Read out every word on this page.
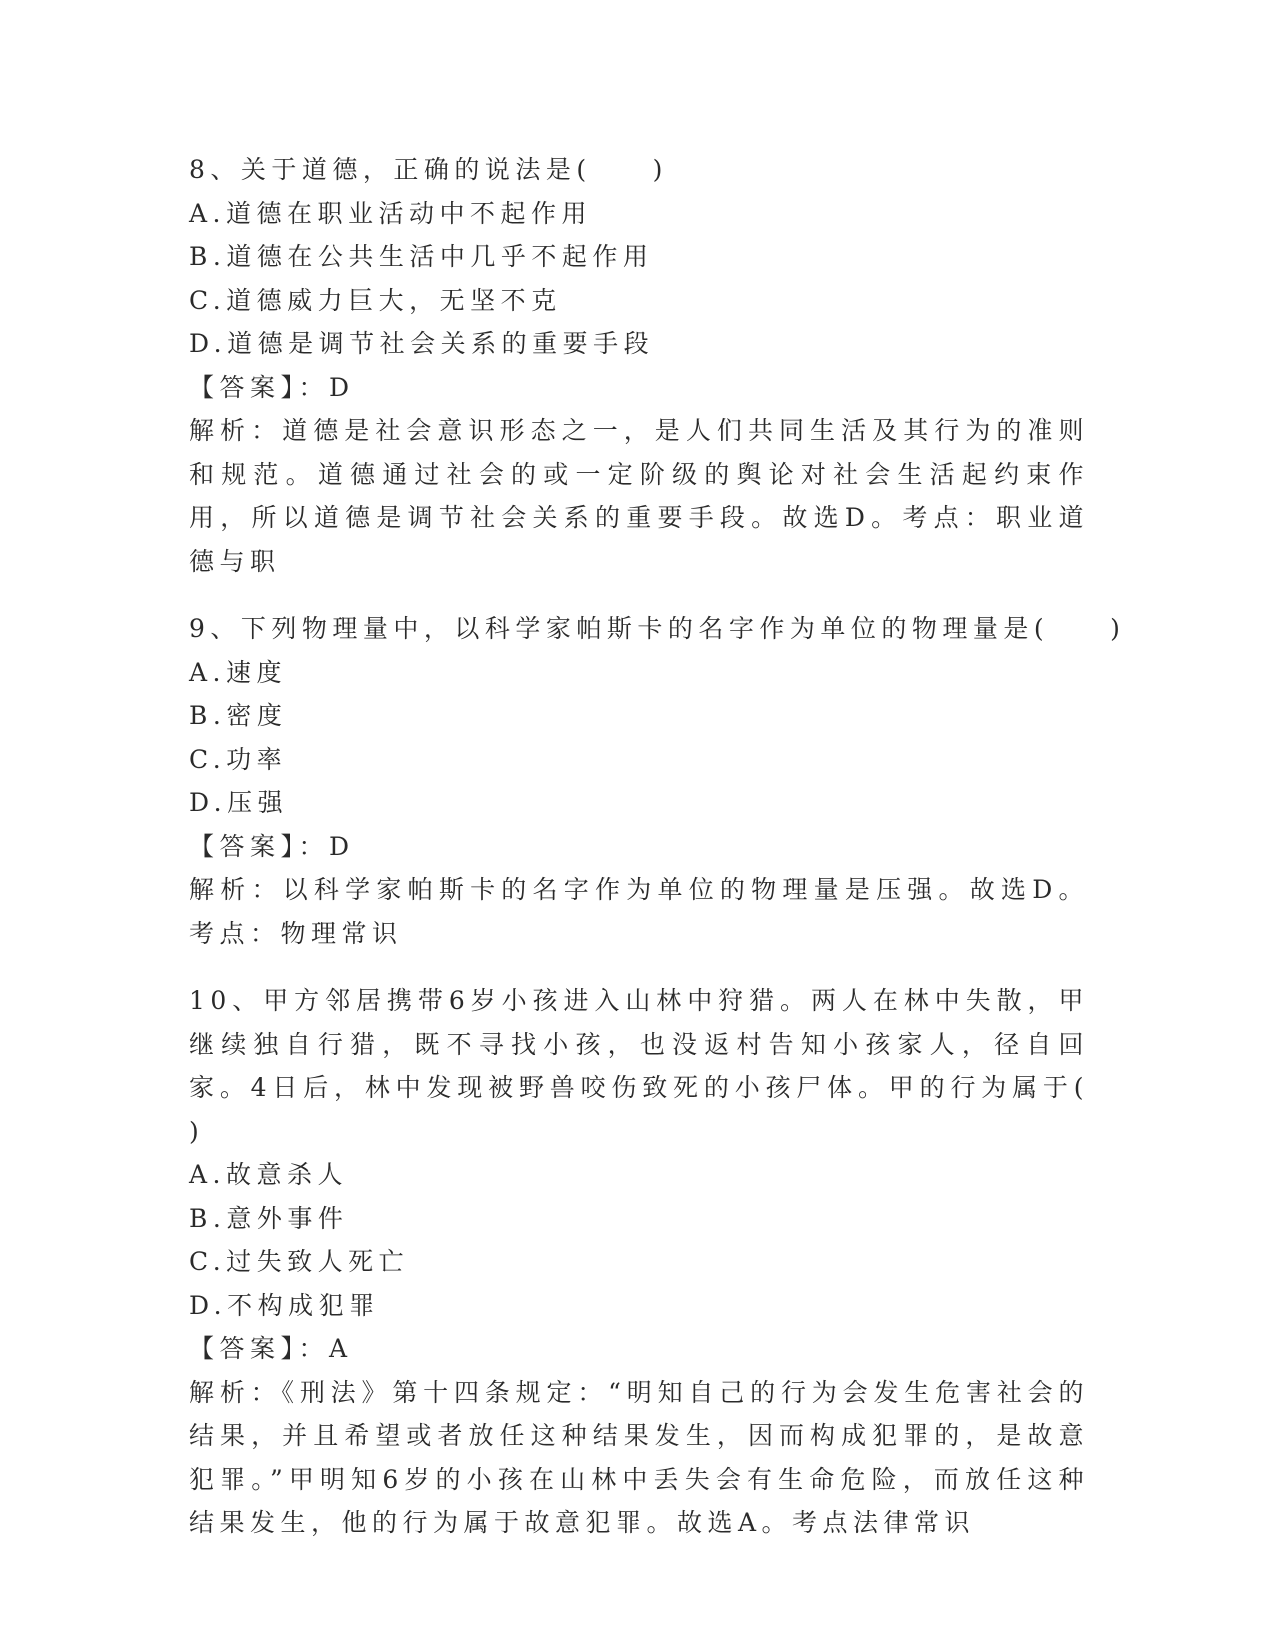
8、关于道德，正确的说法是(　　)
A.道德在职业活动中不起作用
B.道德在公共生活中几乎不起作用
C.道德威力巨大，无坚不克
D.道德是调节社会关系的重要手段
【答案】：D
解析：道德是社会意识形态之一，是人们共同生活及其行为的准则和规范。道德通过社会的或一定阶级的舆论对社会生活起约束作用，所以道德是调节社会关系的重要手段。故选D。考点：职业道德与职
9、下列物理量中，以科学家帕斯卡的名字作为单位的物理量是(　　)
A.速度
B.密度
C.功率
D.压强
【答案】：D
解析：以科学家帕斯卡的名字作为单位的物理量是压强。故选D。考点：物理常识
10、甲方邻居携带6岁小孩进入山林中狩猎。两人在林中失散，甲继续独自行猎，既不寻找小孩，也没返村告知小孩家人，径自回家。4日后，林中发现被野兽咬伤致死的小孩尸体。甲的行为属于(　　)
A.故意杀人
B.意外事件
C.过失致人死亡
D.不构成犯罪
【答案】：A
解析：《刑法》第十四条规定：“明知自己的行为会发生危害社会的结果，并且希望或者放任这种结果发生，因而构成犯罪的，是故意犯罪。”甲明知6岁的小孩在山林中丢失会有生命危险，而放任这种结果发生，他的行为属于故意犯罪。故选A。考点法律常识
